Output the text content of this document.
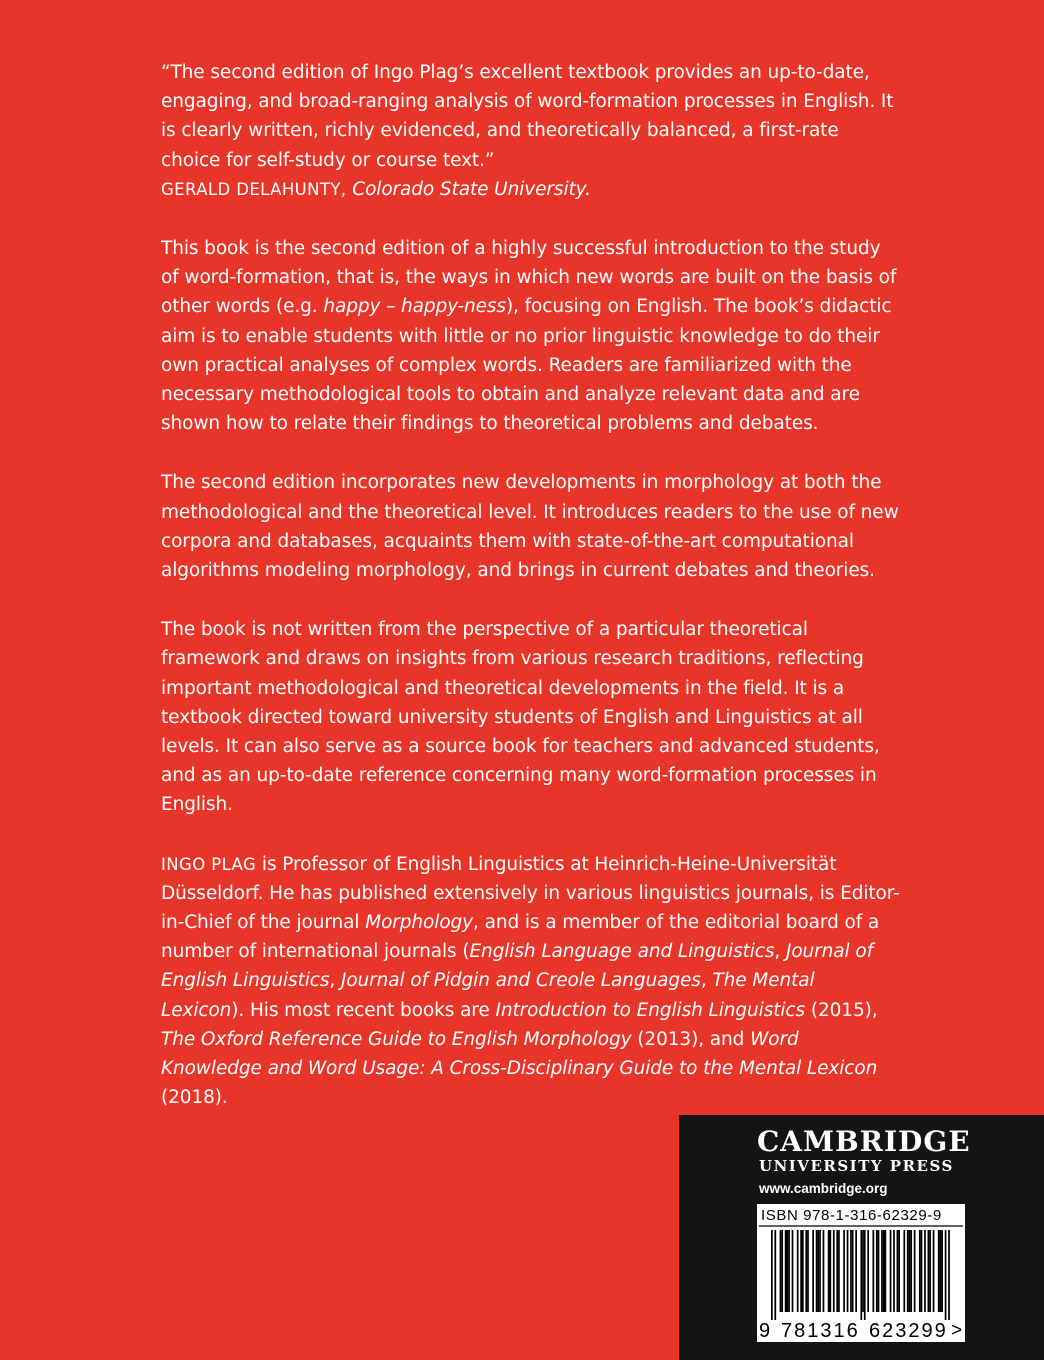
“The second edition of Ingo Plag’s excellent textbook provides an up-to-date, engaging, and broad-ranging analysis of word-formation processes in English. It is clearly written, richly evidenced, and theoretically balanced, a first-rate choice for self-study or course text.”

GERALD DELAHUNTY, Colorado State University.

This book is the second edition of a highly successful introduction to the study of word-formation, that is, the ways in which new words are built on the basis of other words (e.g. happy – happy-ness), focusing on English. The book’s didactic aim is to enable students with little or no prior linguistic knowledge to do their own practical analyses of complex words. Readers are familiarized with the necessary methodological tools to obtain and analyze relevant data and are shown how to relate their findings to theoretical problems and debates.

The second edition incorporates new developments in morphology at both the methodological and the theoretical level. It introduces readers to the use of new corpora and databases, acquaints them with state-of-the-art computational algorithms modeling morphology, and brings in current debates and theories.

The book is not written from the perspective of a particular theoretical framework and draws on insights from various research traditions, reflecting important methodological and theoretical developments in the field. It is a textbook directed toward university students of English and Linguistics at all levels. It can also serve as a source book for teachers and advanced students, and as an up-to-date reference concerning many word-formation processes in English.

INGO PLAG is Professor of English Linguistics at Heinrich-Heine-Universität Düsseldorf. He has published extensively in various linguistics journals, is Editor-in-Chief of the journal Morphology, and is a member of the editorial board of a number of international journals (English Language and Linguistics, Journal of English Linguistics, Journal of Pidgin and Creole Languages, The Mental Lexicon). His most recent books are Introduction to English Linguistics (2015), The Oxford Reference Guide to English Morphology (2013), and Word Knowledge and Word Usage: A Cross-Disciplinary Guide to the Mental Lexicon (2018).

CAMBRIDGE
UNIVERSITY PRESS
www.cambridge.org
ISBN 978-1-316-62329-9
9 781316 623299 >
